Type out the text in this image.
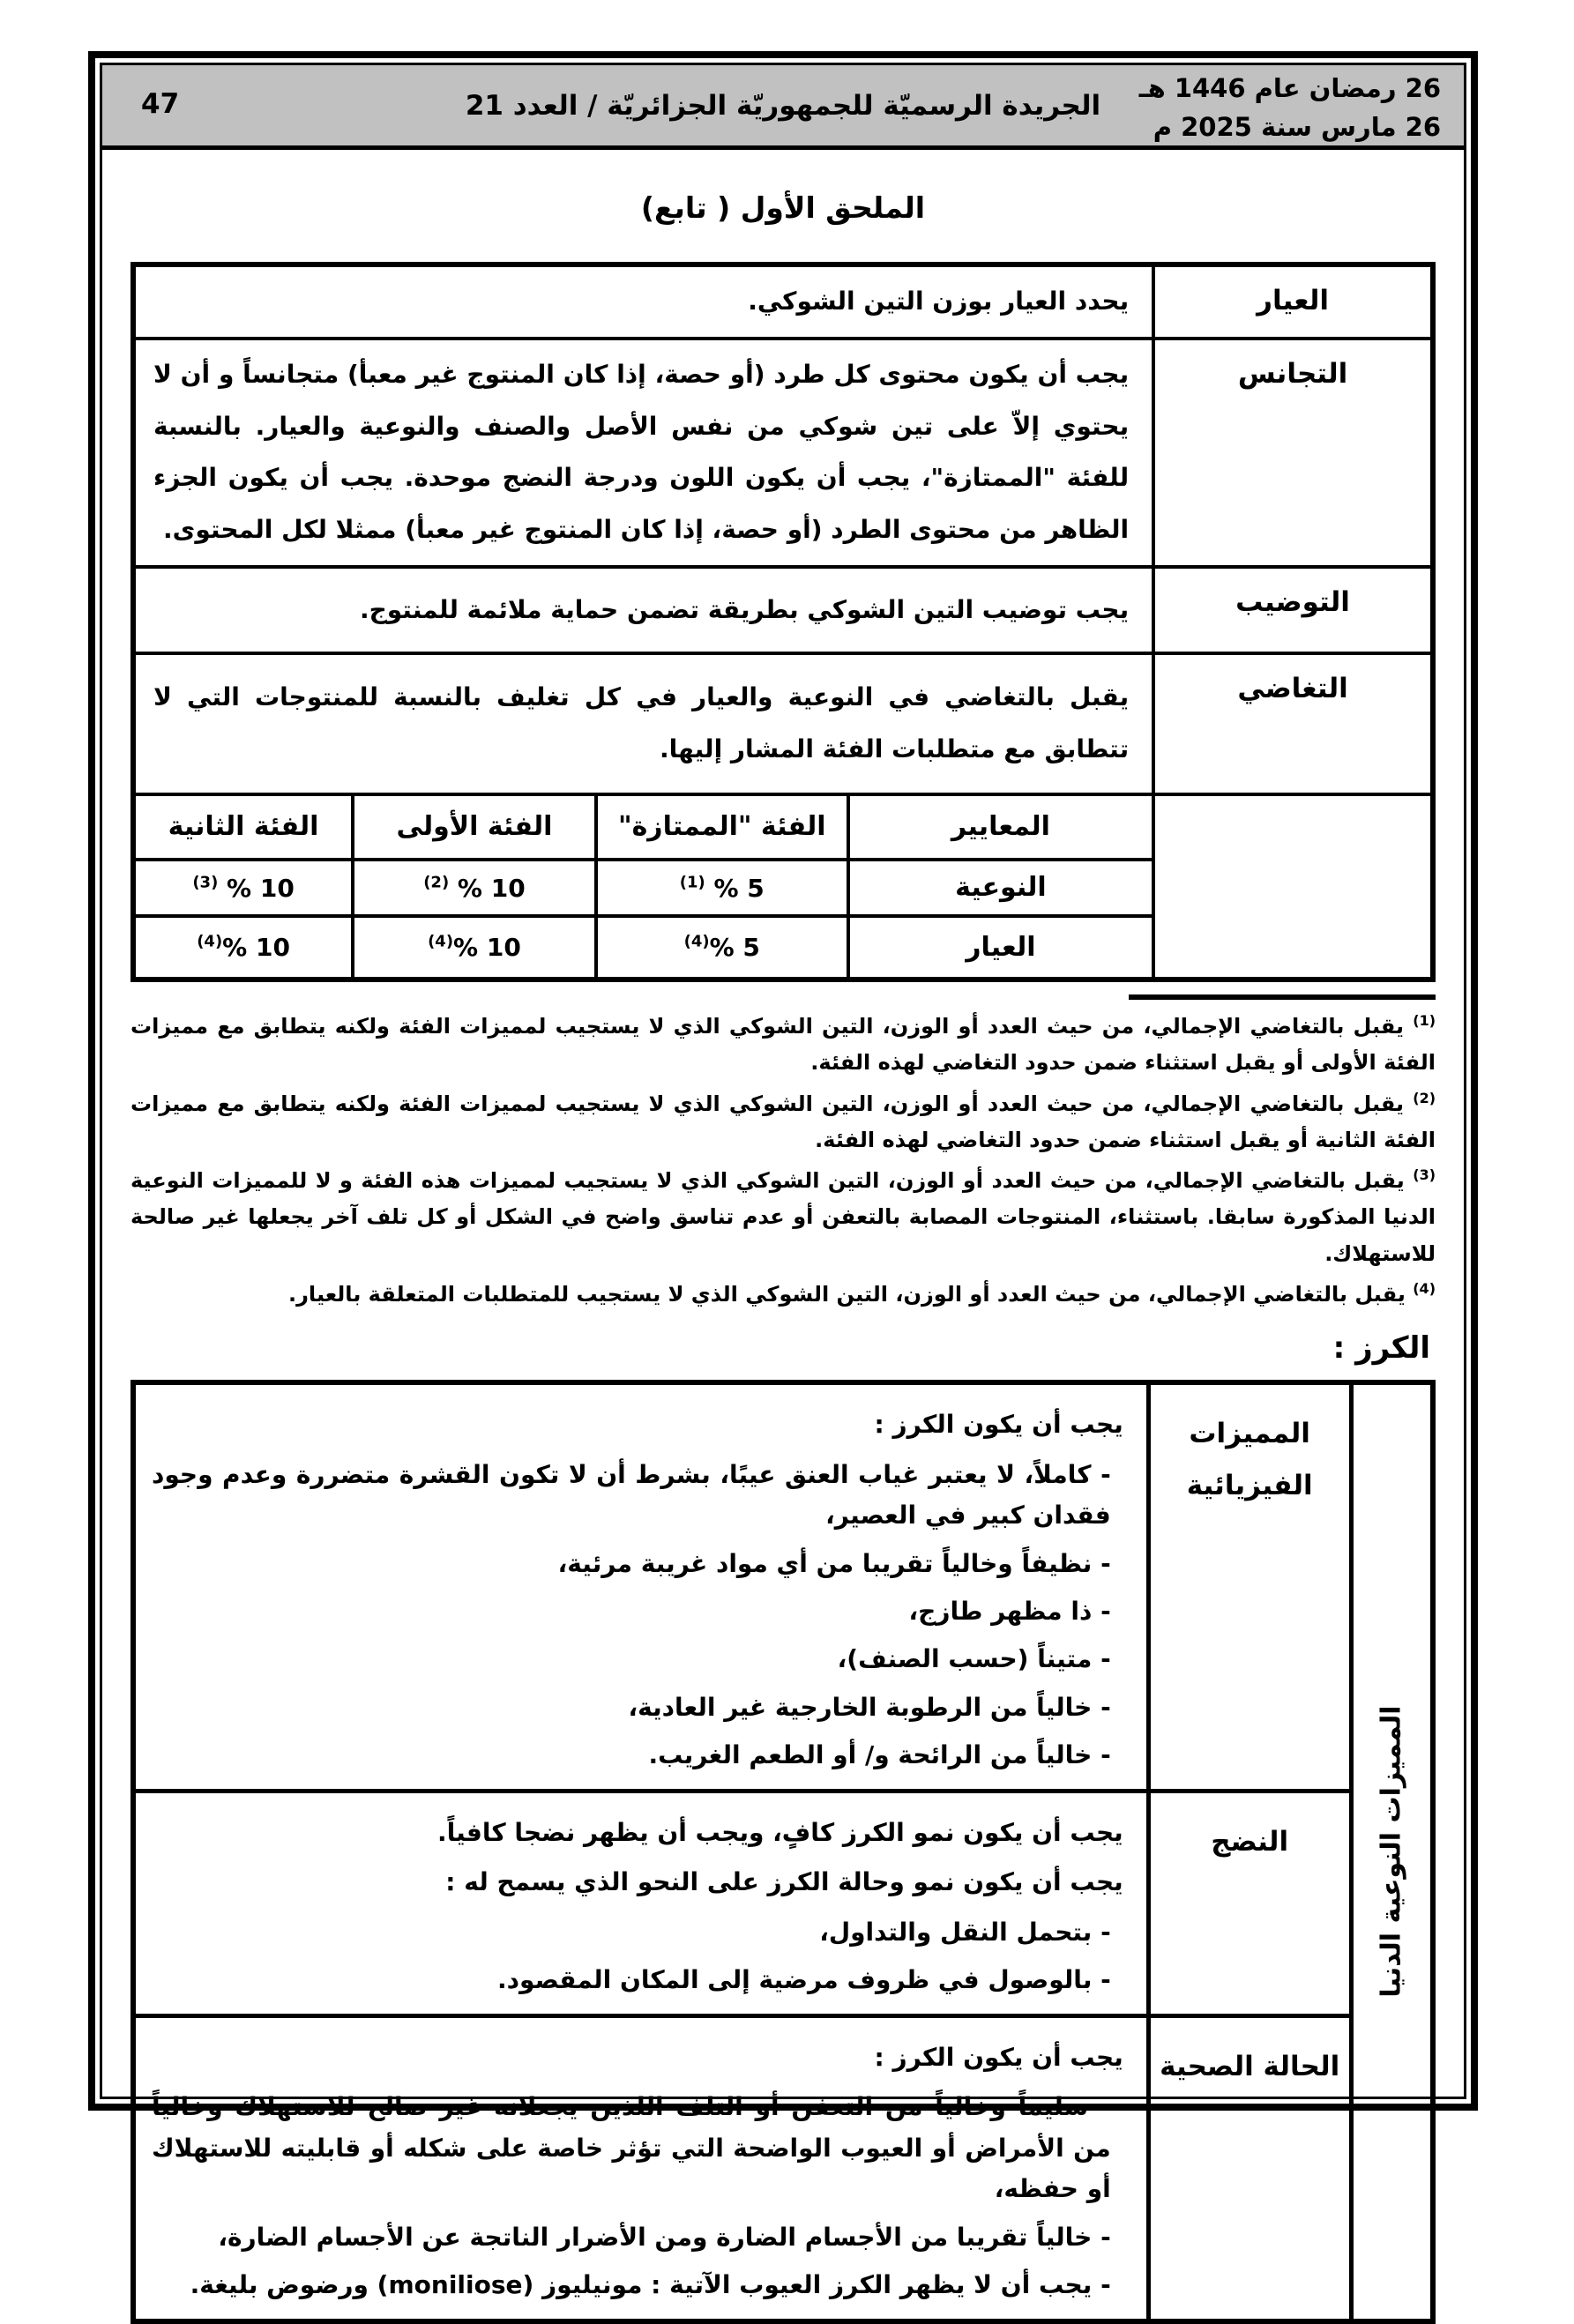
47	الجريدة الرسميّة للجمهوريّة الجزائريّة / العدد 21
26 رمضان عام 1446 هـ
26 مارس سنة 2025 م
الملحق الأول ( تابع)
العيار	يحدد العيار بوزن التين الشوكي.			
التجانس	يجب أن يكون محتوى كل طرد (أو حصة، إذا كان المنتوج غير معبأ) متجانساً و أن لا يحتوي إلاّ على تين شوكي من نفس الأصل والصنف والنوعية والعيار. بالنسبة للفئة "الممتازة"، يجب أن يكون اللون ودرجة النضج موحدة. يجب أن يكون الجزء الظاهر من محتوى الطرد (أو حصة، إذا كان المنتوج غير معبأ) ممثلا لكل المحتوى.			
التوضيب	يجب توضيب التين الشوكي بطريقة تضمن حماية ملائمة للمنتوج.			
التغاضي	يقبل بالتغاضي في النوعية والعيار في كل تغليف بالنسبة للمنتوجات التي لا تتطابق مع متطلبات الفئة المشار إليها.			
	المعايير	الفئة "الممتازة"	الفئة الأولى	الفئة الثانية
	النوعية	$^{(1)}$ % 5	$^{(2)}$ % 10	$^{(3)}$ % 10
	العيار	$^{(4)}$% 5	$^{(4)}$% 10	$^{(4)}$% 10
$^{(1)}$ يقبل بالتغاضي الإجمالي، من حيث العدد أو الوزن، التين الشوكي الذي لا يستجيب لمميزات الفئة ولكنه يتطابق مع مميزات الفئة الأولى أو يقبل استثناء ضمن حدود التغاضي لهذه الفئة.
$^{(2)}$ يقبل بالتغاضي الإجمالي، من حيث العدد أو الوزن، التين الشوكي الذي لا يستجيب لمميزات الفئة ولكنه يتطابق مع مميزات الفئة الثانية أو يقبل استثناء ضمن حدود التغاضي لهذه الفئة.
$^{(3)}$ يقبل بالتغاضي الإجمالي، من حيث العدد أو الوزن، التين الشوكي الذي لا يستجيب لمميزات هذه الفئة و لا للمميزات النوعية الدنيا المذكورة سابقا. باستثناء، المنتوجات المصابة بالتعفن أو عدم تناسق واضح في الشكل أو كل تلف آخر يجعلها غير صالحة للاستهلاك.
$^{(4)}$ يقبل بالتغاضي الإجمالي، من حيث العدد أو الوزن، التين الشوكي الذي لا يستجيب للمتطلبات المتعلقة بالعيار.
الكرز :
المميزات النوعية الدنيا
	المميزات الفيزيائية	
يجب أن يكون الكرز :
- كاملاً، لا يعتبر غياب العنق عيبًا، بشرط أن لا تكون القشرة متضررة وعدم وجود فقدان كبير في العصير،
- نظيفاً وخالياً تقريبا من أي مواد غريبة مرئية،
- ذا مظهر طازج،
- متيناً (حسب الصنف)،
- خالياً من الرطوبة الخارجية غير العادية،
- خالياً من الرائحة و/ أو الطعم الغريب.

	النضج	يجب أن يكون نمو الكرز كافٍ، ويجب أن يظهر نضجا كافياً.
يجب أن يكون نمو وحالة الكرز على النحو الذي يسمح له :
- بتحمل النقل والتداول،
- بالوصول في ظروف مرضية إلى المكان المقصود.

	الحالة الصحية	يجب أن يكون الكرز :
- سليماً وخالياً من التعفن أو التلف اللذين يجعلانه غير صالح للاستهلاك وخالياً من الأمراض أو العيوب الواضحة التي تؤثر خاصة على شكله أو قابليته للاستهلاك أو حفظه،
- خالياً تقريبا من الأجسام الضارة ومن الأضرار الناتجة عن الأجسام الضارة،
- يجب أن لا يظهر الكرز العيوب الآتية : مونيليوز (moniliose) ورضوض بليغة.
